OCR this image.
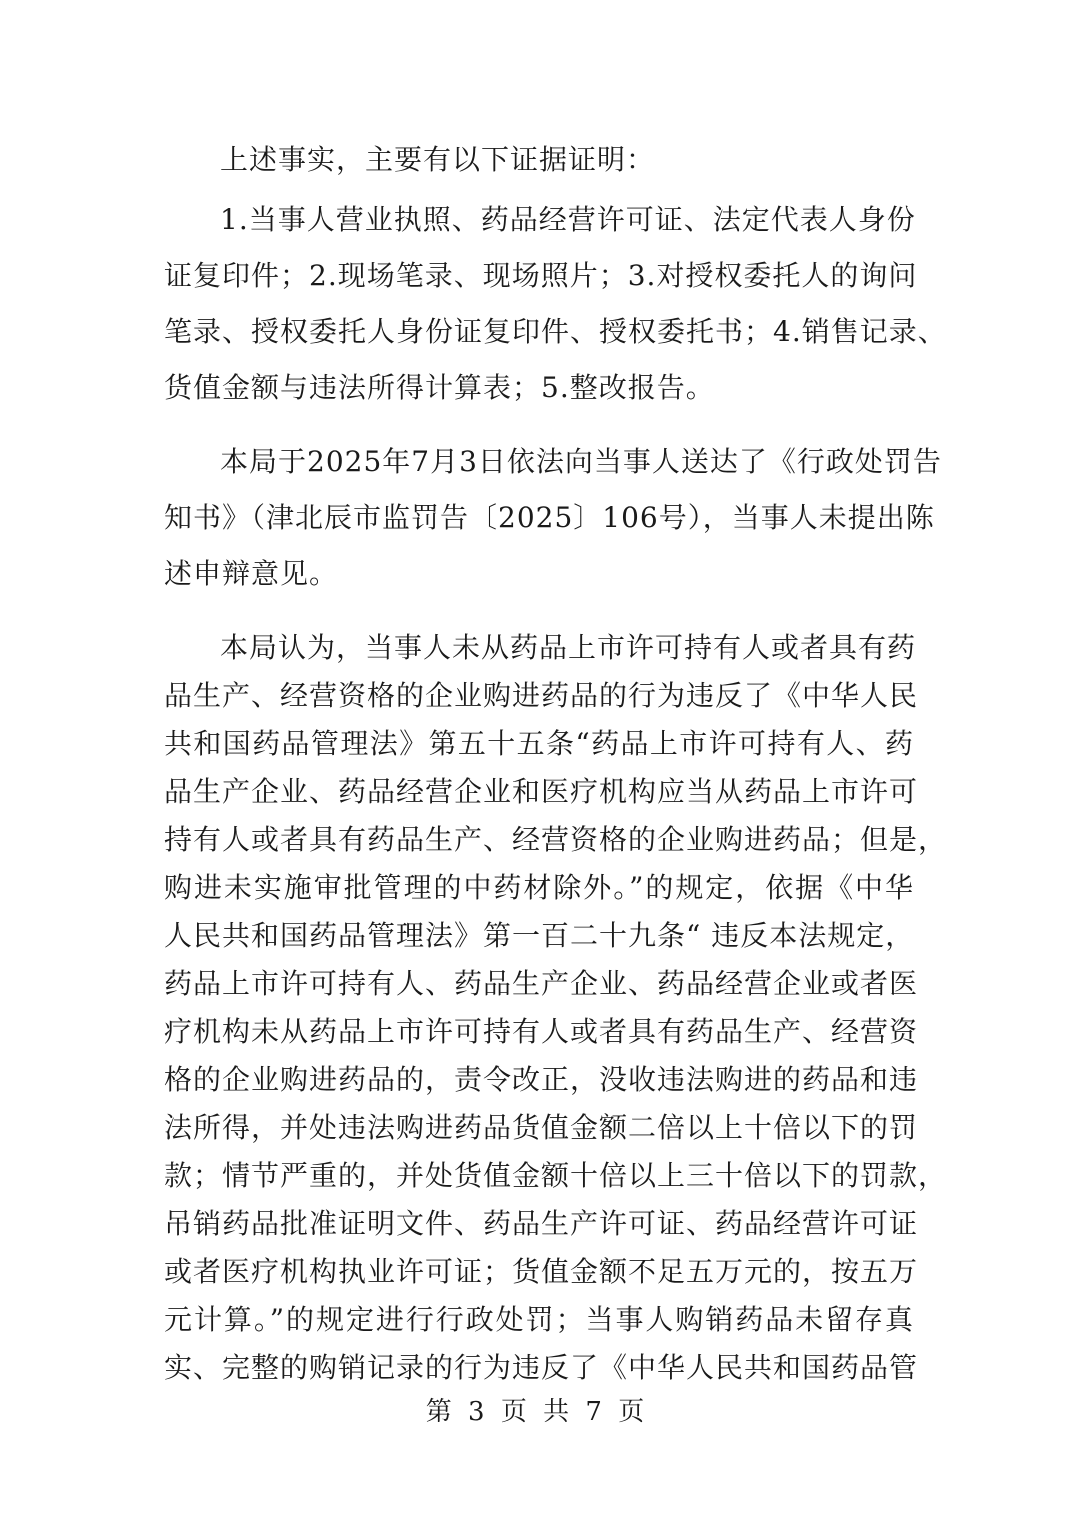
上述事实，主要有以下证据证明：
1.当事人营业执照、药品经营许可证、法定代表人身份
证复印件；2.现场笔录、现场照片；3.对授权委托人的询问
笔录、授权委托人身份证复印件、授权委托书；4.销售记录、
货值金额与违法所得计算表；5.整改报告。
本局于2025年7月3日依法向当事人送达了《行政处罚告
知书》（津北辰市监罚告〔2025〕106号），当事人未提出陈
述申辩意见。
本局认为，当事人未从药品上市许可持有人或者具有药
品生产、经营资格的企业购进药品的行为违反了《中华人民
共和国药品管理法》第五十五条“药品上市许可持有人、药
品生产企业、药品经营企业和医疗机构应当从药品上市许可
持有人或者具有药品生产、经营资格的企业购进药品；但是，
购进未实施审批管理的中药材除外。”的规定，依据《中华
人民共和国药品管理法》第一百二十九条“ 违反本法规定，
药品上市许可持有人、药品生产企业、药品经营企业或者医
疗机构未从药品上市许可持有人或者具有药品生产、经营资
格的企业购进药品的，责令改正，没收违法购进的药品和违
法所得，并处违法购进药品货值金额二倍以上十倍以下的罚
款；情节严重的，并处货值金额十倍以上三十倍以下的罚款，
吊销药品批准证明文件、药品生产许可证、药品经营许可证
或者医疗机构执业许可证；货值金额不足五万元的，按五万
元计算。”的规定进行行政处罚；当事人购销药品未留存真
实、完整的购销记录的行为违反了《中华人民共和国药品管
第 3 页 共 7 页
